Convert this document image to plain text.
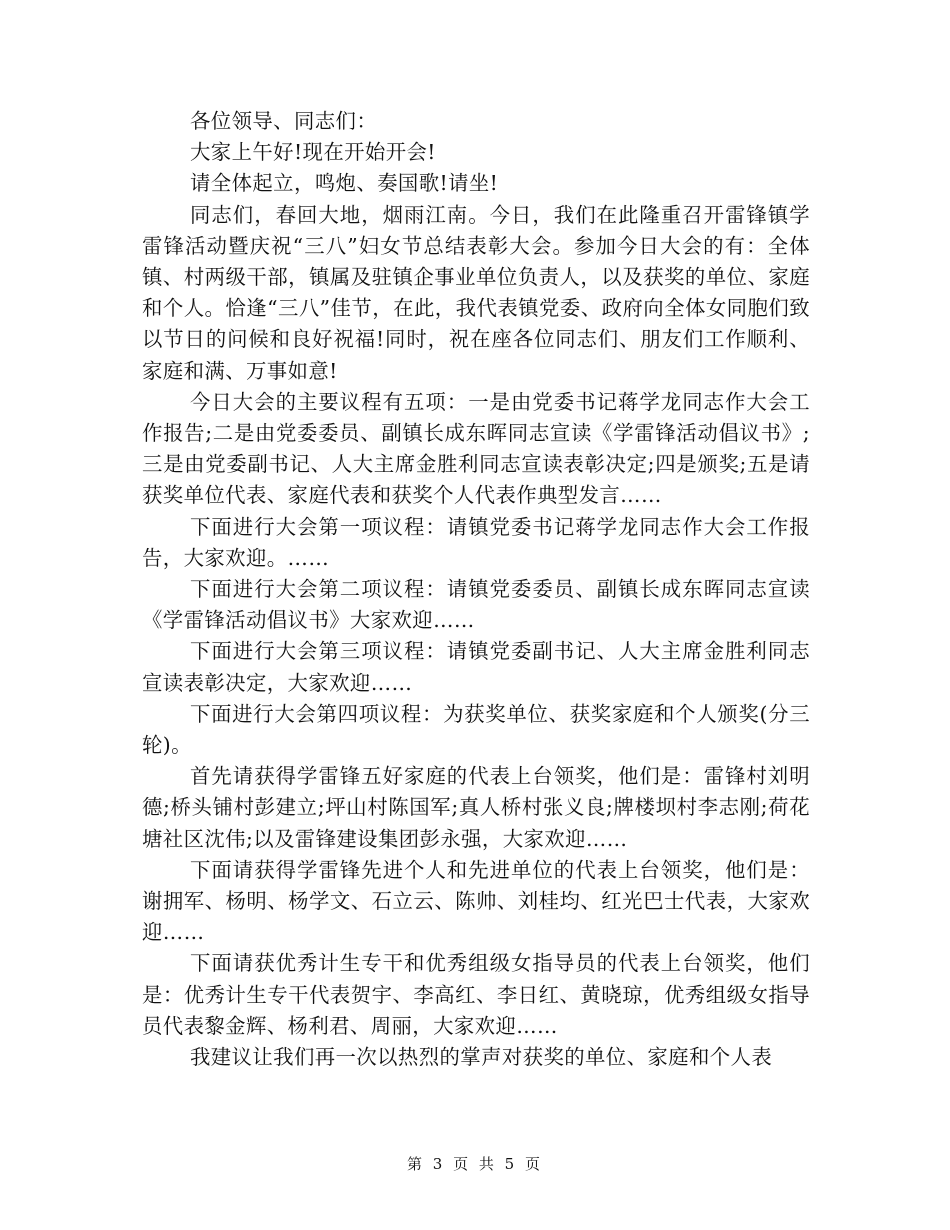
各位领导、同志们：

大家上午好!现在开始开会!

请全体起立，鸣炮、奏国歌!请坐!

同志们，春回大地，烟雨江南。今日，我们在此隆重召开雷锋镇学雷锋活动暨庆祝“三八”妇女节总结表彰大会。参加今日大会的有：全体镇、村两级干部，镇属及驻镇企事业单位负责人，以及获奖的单位、家庭和个人。恰逢“三八”佳节，在此，我代表镇党委、政府向全体女同胞们致以节日的问候和良好祝福!同时，祝在座各位同志们、朋友们工作顺利、家庭和满、万事如意!

今日大会的主要议程有五项：一是由党委书记蒋学龙同志作大会工作报告;二是由党委委员、副镇长成东晖同志宣读《学雷锋活动倡议书》;三是由党委副书记、人大主席金胜利同志宣读表彰决定;四是颁奖;五是请获奖单位代表、家庭代表和获奖个人代表作典型发言……

下面进行大会第一项议程：请镇党委书记蒋学龙同志作大会工作报告，大家欢迎。……

下面进行大会第二项议程：请镇党委委员、副镇长成东晖同志宣读《学雷锋活动倡议书》大家欢迎……

下面进行大会第三项议程：请镇党委副书记、人大主席金胜利同志宣读表彰决定，大家欢迎……

下面进行大会第四项议程：为获奖单位、获奖家庭和个人颁奖(分三轮)。

首先请获得学雷锋五好家庭的代表上台领奖，他们是：雷锋村刘明德;桥头铺村彭建立;坪山村陈国军;真人桥村张义良;牌楼坝村李志刚;荷花塘社区沈伟;以及雷锋建设集团彭永强，大家欢迎……

下面请获得学雷锋先进个人和先进单位的代表上台领奖，他们是：谢拥军、杨明、杨学文、石立云、陈帅、刘桂均、红光巴士代表，大家欢迎……

下面请获优秀计生专干和优秀组级女指导员的代表上台领奖，他们是：优秀计生专干代表贺宇、李高红、李日红、黄晓琼，优秀组级女指导员代表黎金辉、杨利君、周丽，大家欢迎……

我建议让我们再一次以热烈的掌声对获奖的单位、家庭和个人表

第 3 页 共 5 页
